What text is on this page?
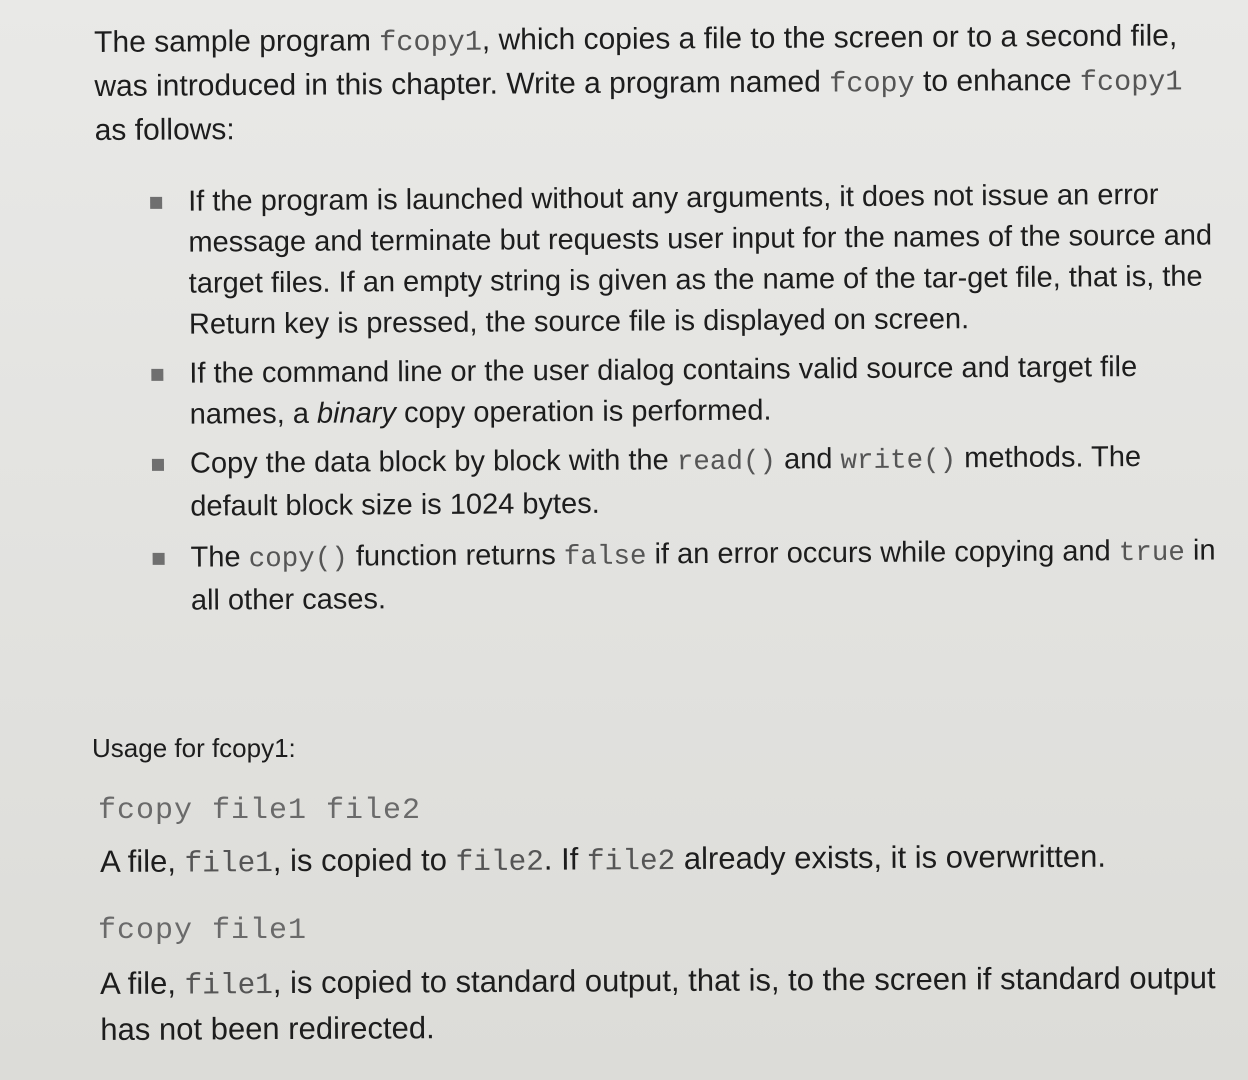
The sample program fcopy1, which copies a file to the screen or to a second file, was introduced in this chapter. Write a program named fcopy to enhance fcopy1 as follows:

If the program is launched without any arguments, it does not issue an error message and terminate but requests user input for the names of the source and target files. If an empty string is given as the name of the tar-get file, that is, the Return key is pressed, the source file is displayed on screen.
If the command line or the user dialog contains valid source and target file names, a binary copy operation is performed.
Copy the data block by block with the read() and write() methods. The default block size is 1024 bytes.
The copy() function returns false if an error occurs while copying and true in all other cases.

Usage for fcopy1:

fcopy file1 file2

A file, file1, is copied to file2. If file2 already exists, it is overwritten.

fcopy file1

A file, file1, is copied to standard output, that is, to the screen if standard output has not been redirected.
